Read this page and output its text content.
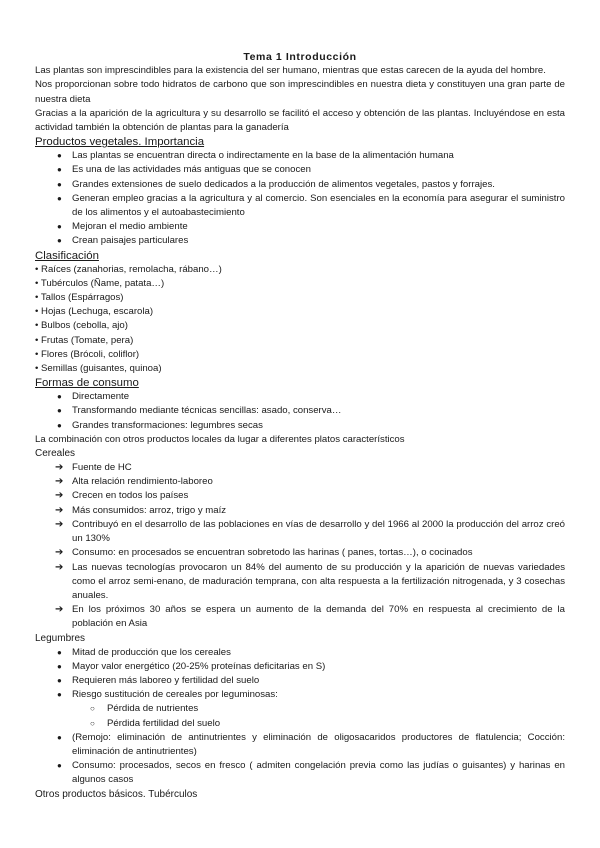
Tema 1 Introducción

Las plantas son imprescindibles para la existencia del ser humano, mientras que estas carecen de la ayuda del hombre.

Nos proporcionan sobre todo hidratos de carbono que son imprescindibles en nuestra dieta y constituyen una gran parte de nuestra dieta

Gracias a la aparición de la agricultura y su desarrollo se facilitó el acceso y obtención de las plantas. Incluyéndose en esta actividad también la obtención de plantas para la ganadería

Productos vegetales. Importancia
● Las plantas se encuentran directa o indirectamente en la base de la alimentación humana
● Es una de las actividades más antiguas que se conocen
● Grandes extensiones de suelo dedicados a la producción de alimentos vegetales, pastos y forrajes.
● Generan empleo gracias a la agricultura y al comercio. Son esenciales en la economía para asegurar el suministro de los alimentos y el autoabastecimiento
● Mejoran el medio ambiente
● Crean paisajes particulares
Clasificación
• Raíces (zanahorias, remolacha, rábano…)
• Tubérculos (Ñame, patata…)
• Tallos (Espárragos)
• Hojas (Lechuga, escarola)
• Bulbos (cebolla, ajo)
• Frutas (Tomate, pera)
• Flores (Brócoli, coliflor)
• Semillas (guisantes, quinoa)
Formas de consumo
● Directamente
● Transformando mediante técnicas sencillas: asado, conserva…
● Grandes transformaciones: legumbres secas

La combinación con otros productos locales da lugar a diferentes platos característicos

Cereales
➔ Fuente de HC
➔ Alta relación rendimiento-laboreo
➔ Crecen en todos los países
➔ Más consumidos: arroz, trigo y maíz
➔ Contribuyó en el desarrollo de las poblaciones en vías de desarrollo y del 1966 al 2000 la producción del arroz creó un 130%
➔ Consumo: en procesados se encuentran sobretodo las harinas ( panes, tortas…), o cocinados
➔ Las nuevas tecnologías provocaron un 84% del aumento de su producción y la aparición de nuevas variedades como el arroz semi-enano, de maduración temprana, con alta respuesta a la fertilización nitrogenada, y 3 cosechas anuales.
➔ En los próximos 30 años se espera un aumento de la demanda del 70% en respuesta al crecimiento de la población en Asia
Legumbres
● Mitad de producción que los cereales
● Mayor valor energético (20-25% proteínas deficitarias en S)
● Requieren más laboreo y fertilidad del suelo
● Riesgo sustitución de cereales por leguminosas:
○ Pérdida de nutrientes
○ Pérdida fertilidad del suelo
● (Remojo: eliminación de antinutrientes y eliminación de oligosacaridos productores de flatulencia; Cocción: eliminación de antinutrientes)
● Consumo: procesados, secos en fresco ( admiten congelación previa como las judías o guisantes) y harinas en algunos casos
Otros productos básicos. Tubérculos
